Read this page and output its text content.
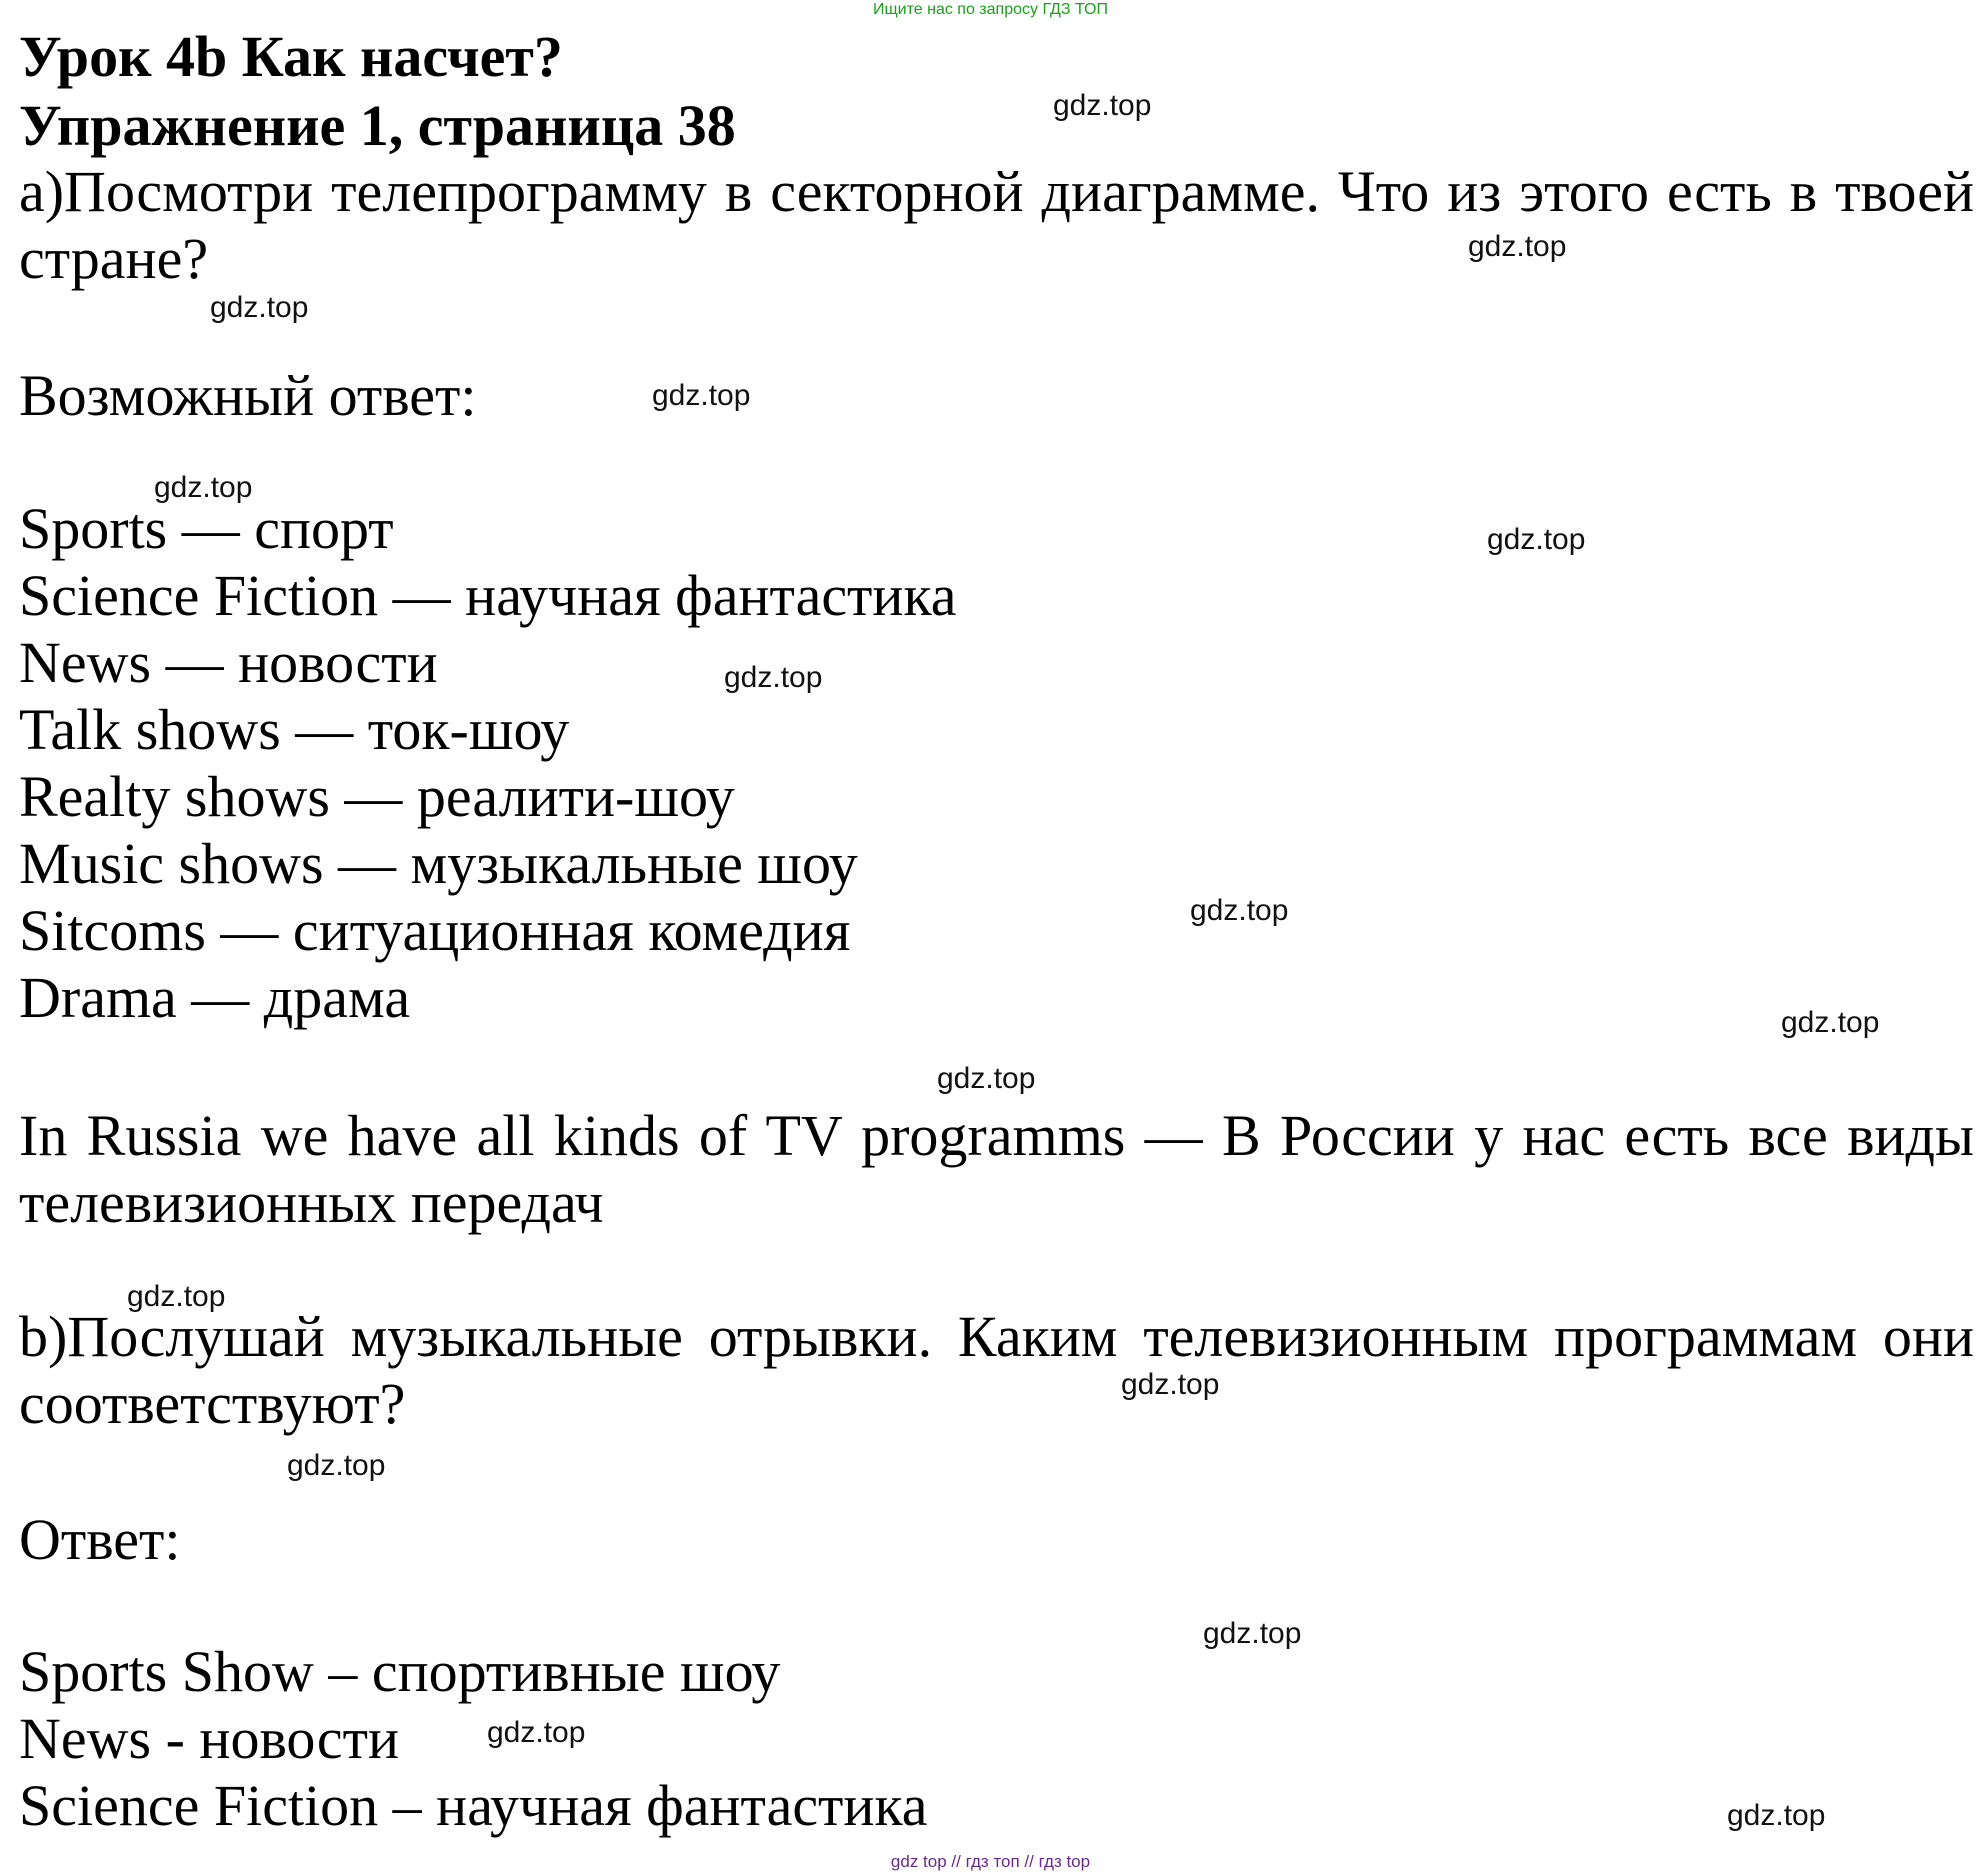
Ищите нас по запросу ГДЗ ТОП
Урок 4b Как насчет?
Упражнение 1, страница 38
a)Посмотри телепрограмму в секторной диаграмме. Что из этого есть в твоей стране?
Возможный ответ:
Sports — спорт
Science Fiction — научная фантастика
News — новости
Talk shows — ток-шоу
Realty shows — реалити-шоу
Music shows — музыкальные шоу
Sitcoms — ситуационная комедия
Drama — драма
In Russia we have all kinds of TV programms — В России у нас есть все виды телевизионных передач
b)Послушай музыкальные отрывки. Каким телевизионным программам они соответствуют?
Ответ:
Sports Show – спортивные шоу
News - новости
Science Fiction – научная фантастика
gdz.top
gdz.top
gdz.top
gdz.top
gdz.top
gdz.top
gdz.top
gdz.top
gdz.top
gdz.top
gdz.top
gdz.top
gdz.top
gdz.top
gdz.top
gdz.top
gdz top // гдз топ // гдз top
